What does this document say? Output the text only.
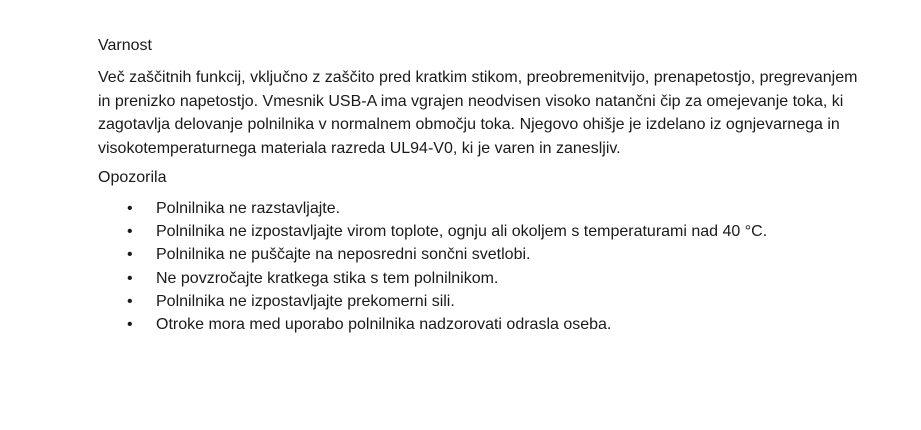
Varnost

Več zaščitnih funkcij, vključno z zaščito pred kratkim stikom, preobremenitvijo, prenapetostjo, pregrevanjem in prenizko napetostjo. Vmesnik USB-A ima vgrajen neodvisen visoko natančni čip za omejevanje toka, ki zagotavlja delovanje polnilnika v normalnem območju toka. Njegovo ohišje je izdelano iz ognjevarnega in visokotemperaturnega materiala razreda UL94-V0, ki je varen in zanesljiv.

Opozorila

• Polnilnika ne razstavljajte.
• Polnilnika ne izpostavljajte virom toplote, ognju ali okoljem s temperaturami nad 40 °C.
• Polnilnika ne puščajte na neposredni sončni svetlobi.
• Ne povzročajte kratkega stika s tem polnilnikom.
• Polnilnika ne izpostavljajte prekomerni sili.
• Otroke mora med uporabo polnilnika nadzorovati odrasla oseba.
